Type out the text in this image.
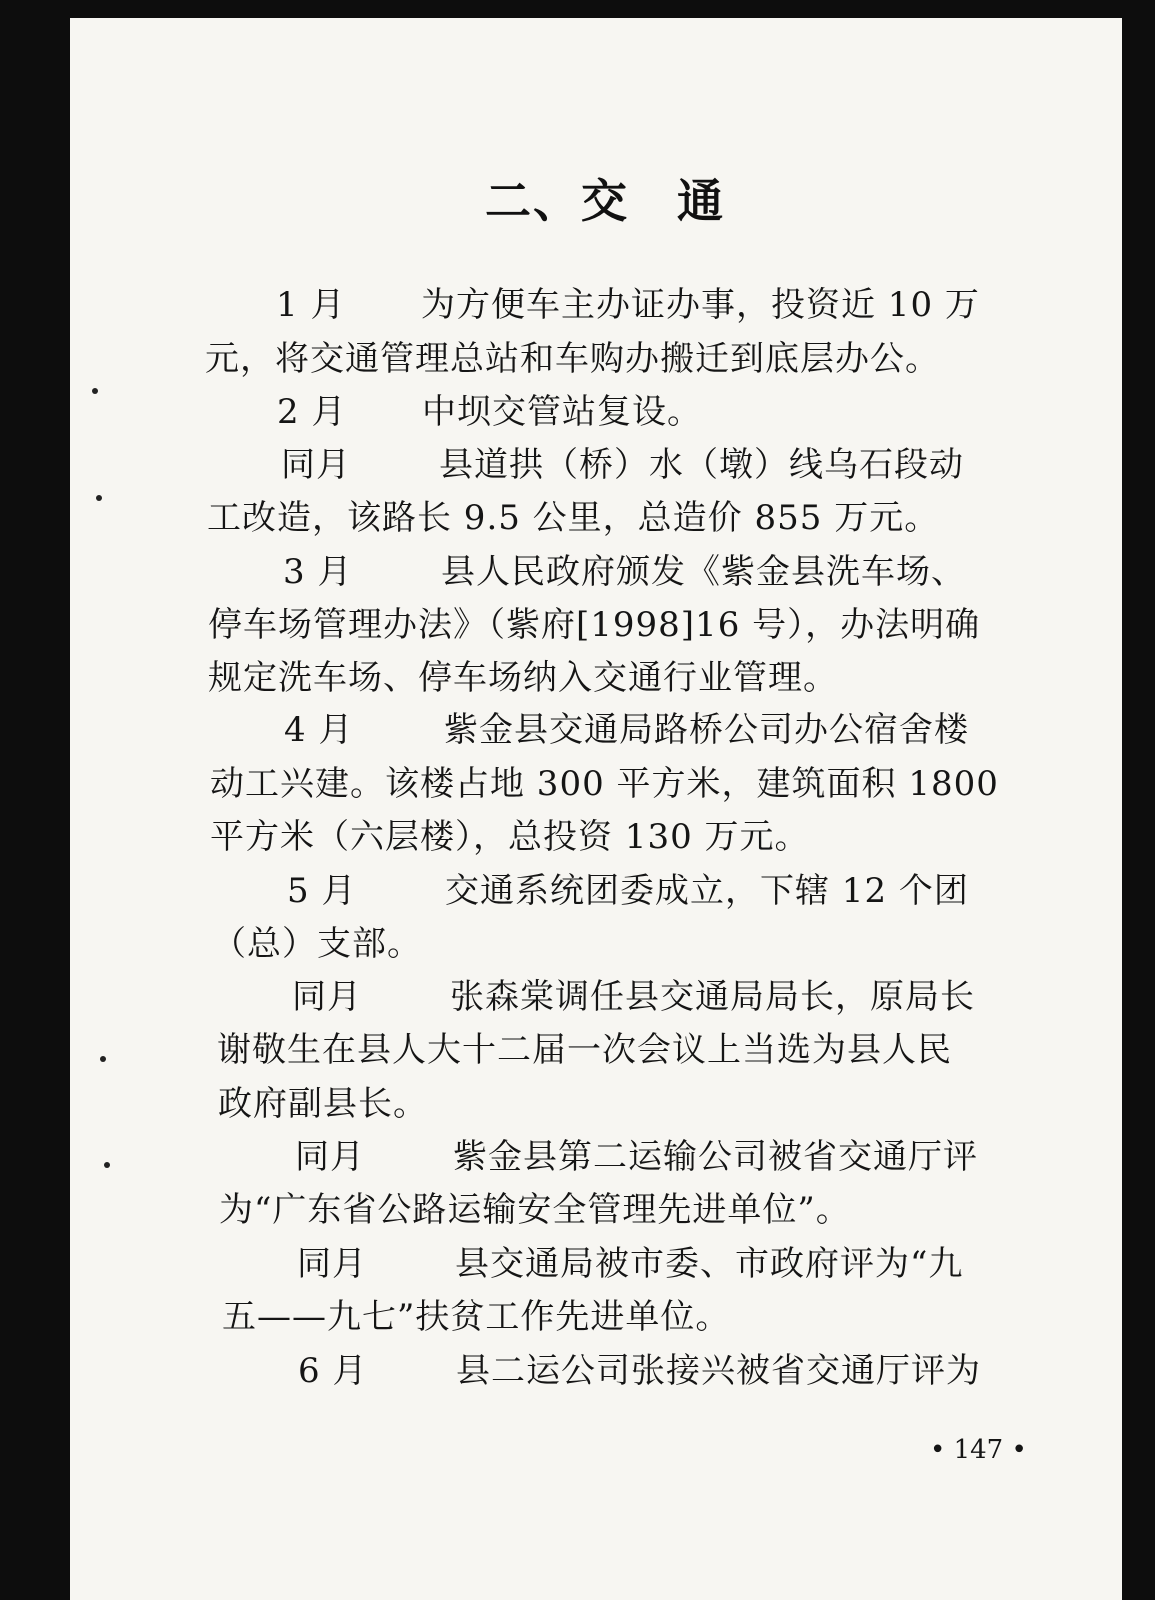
二、交 通
1 月 为方便车主办证办事，投资近 10 万
元，将交通管理总站和车购办搬迁到底层办公。
2 月 中坝交管站复设。
同月	县道拱（桥）水（墩）线乌石段动
工改造，该路长 9.5 公里，总造价 855 万元。
3 月	县人民政府颁发《紫金县洗车场、
停车场管理办法》（紫府[1998]16 号），办法明确
规定洗车场、停车场纳入交通行业管理。
4 月	紫金县交通局路桥公司办公宿舍楼
动工兴建。该楼占地 300 平方米，建筑面积 1800
平方米（六层楼），总投资 130 万元。
5 月	交通系统团委成立，下辖 12 个团
（总）支部。
同月	张森棠调任县交通局局长，原局长
谢敬生在县人大十二届一次会议上当选为县人民
政府副县长。
同月	紫金县第二运输公司被省交通厅评
为“广东省公路运输安全管理先进单位”。
同月	县交通局被市委、市政府评为“九
五——九七”扶贫工作先进单位。
6 月	县二运公司张接兴被省交通厅评为
• 147 •
